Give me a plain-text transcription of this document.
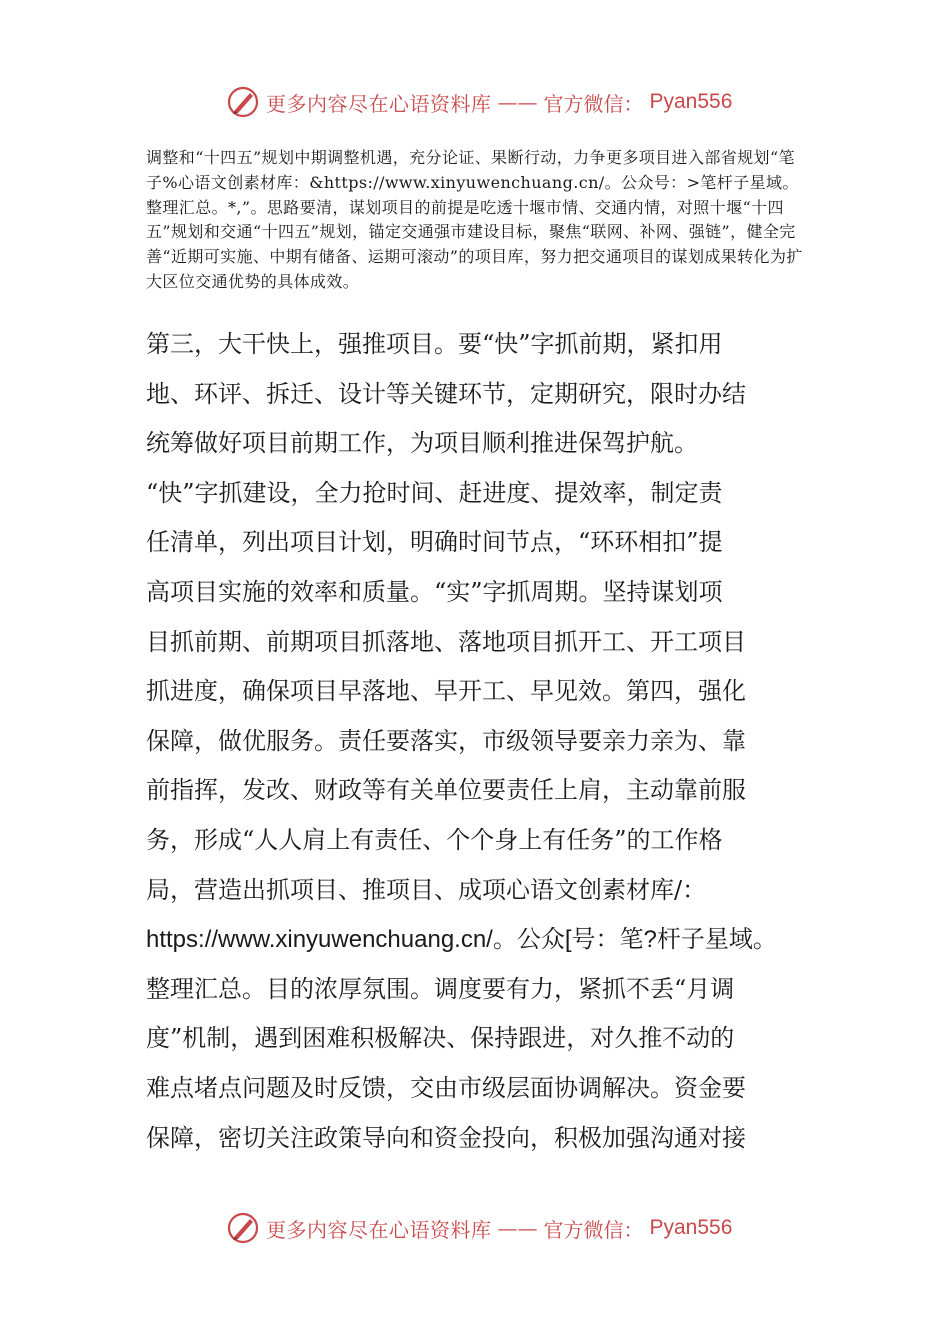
更多内容尽在心语资料库 —— 官方微信： Pyan556

调整和“十四五”规划中期调整机遇，充分论证、果断行动，力争更多项目进入部省规划“笔子%心语文创素材库：&https://www.xinyuwenchuang.cn/。公众号：>笔杆子星域。整理汇总。*,”。思路要清，谋划项目的前提是吃透十堰市情、交通内情，对照十堰“十四五”规划和交通“十四五”规划，锚定交通强市建设目标，聚焦“联网、补网、强链”，健全完善“近期可实施、中期有储备、运期可滚动”的项目库，努力把交通项目的谋划成果转化为扩大区位交通优势的具体成效。

第三，大干快上，强推项目。要“快”字抓前期，紧扣用
地、环评、拆迁、设计等关键环节，定期研究，限时办结
统筹做好项目前期工作，为项目顺利推进保驾护航。
“快”字抓建设，全力抢时间、赶进度、提效率，制定责
任清单，列出项目计划，明确时间节点，“环环相扣”提
高项目实施的效率和质量。“实”字抓周期。坚持谋划项
目抓前期、前期项目抓落地、落地项目抓开工、开工项目
抓进度，确保项目早落地、早开工、早见效。第四，强化
保障，做优服务。责任要落实，市级领导要亲力亲为、靠
前指挥，发改、财政等有关单位要责任上肩，主动靠前服
务，形成“人人肩上有责任、个个身上有任务”的工作格
局，营造出抓项目、推项目、成项心语文创素材库/：
https://www.xinyuwenchuang.cn/。公众[号：笔?杆子星域。
整理汇总。目的浓厚氛围。调度要有力，紧抓不丢“月调
度”机制，遇到困难积极解决、保持跟进，对久推不动的
难点堵点问题及时反馈，交由市级层面协调解决。资金要
保障，密切关注政策导向和资金投向，积极加强沟通对接
更多内容尽在心语资料库 —— 官方微信： Pyan556
